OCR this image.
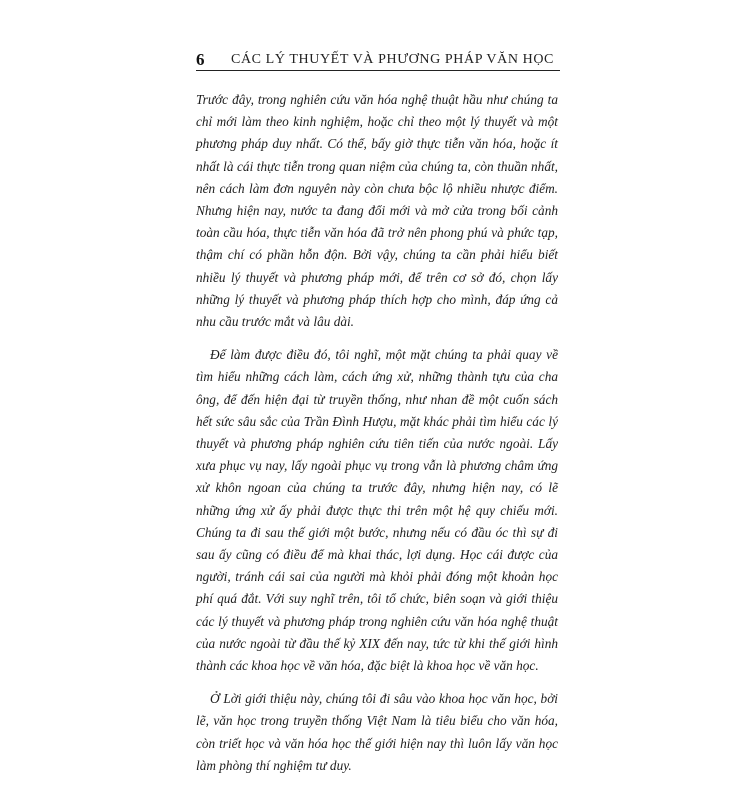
6 CÁC LÝ THUYẾT VÀ PHƯƠNG PHÁP VĂN HỌC

Trước đây, trong nghiên cứu văn hóa nghệ thuật hầu như chúng ta chỉ mới làm theo kinh nghiệm, hoặc chỉ theo một lý thuyết và một phương pháp duy nhất. Có thể, bấy giờ thực tiễn văn hóa, hoặc ít nhất là cái thực tiễn trong quan niệm của chúng ta, còn thuần nhất, nên cách làm đơn nguyên này còn chưa bộc lộ nhiều nhược điểm. Nhưng hiện nay, nước ta đang đổi mới và mở cửa trong bối cảnh toàn cầu hóa, thực tiễn văn hóa đã trở nên phong phú và phức tạp, thậm chí có phần hỗn độn. Bởi vậy, chúng ta cần phải hiểu biết nhiều lý thuyết và phương pháp mới, để trên cơ sở đó, chọn lấy những lý thuyết và phương pháp thích hợp cho mình, đáp ứng cả nhu cầu trước mắt và lâu dài.

Để làm được điều đó, tôi nghĩ, một mặt chúng ta phải quay về tìm hiểu những cách làm, cách ứng xử, những thành tựu của cha ông, để đến hiện đại từ truyền thống, như nhan đề một cuốn sách hết sức sâu sắc của Trần Đình Hượu, mặt khác phải tìm hiểu các lý thuyết và phương pháp nghiên cứu tiên tiến của nước ngoài. Lấy xưa phục vụ nay, lấy ngoài phục vụ trong vẫn là phương châm ứng xử khôn ngoan của chúng ta trước đây, nhưng hiện nay, có lẽ những ứng xử ấy phải được thực thi trên một hệ quy chiếu mới. Chúng ta đi sau thế giới một bước, nhưng nếu có đầu óc thì sự đi sau ấy cũng có điều để mà khai thác, lợi dụng. Học cái được của người, tránh cái sai của người mà khỏi phải đóng một khoản học phí quá đắt. Với suy nghĩ trên, tôi tổ chức, biên soạn và giới thiệu các lý thuyết và phương pháp trong nghiên cứu văn hóa nghệ thuật của nước ngoài từ đầu thế kỷ XIX đến nay, tức từ khi thế giới hình thành các khoa học về văn hóa, đặc biệt là khoa học về văn học.

Ở Lời giới thiệu này, chúng tôi đi sâu vào khoa học văn học, bởi lẽ, văn học trong truyền thống Việt Nam là tiêu biểu cho văn hóa, còn triết học và văn hóa học thế giới hiện nay thì luôn lấy văn học làm phòng thí nghiệm tư duy.
